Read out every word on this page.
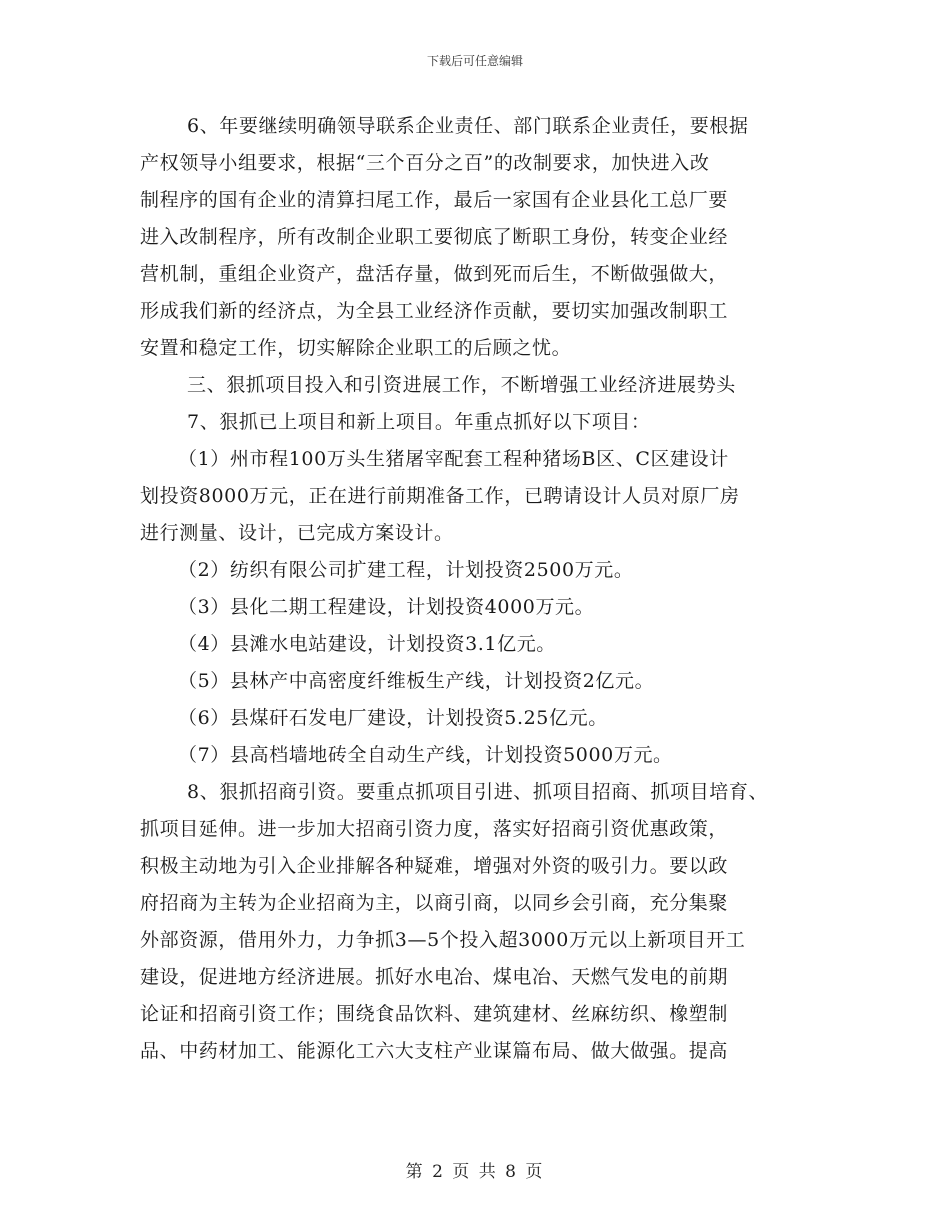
下载后可任意编辑
6、年要继续明确领导联系企业责任、部门联系企业责任，要根据
产权领导小组要求，根据“三个百分之百”的改制要求，加快进入改
制程序的国有企业的清算扫尾工作，最后一家国有企业县化工总厂要
进入改制程序，所有改制企业职工要彻底了断职工身份，转变企业经
营机制，重组企业资产，盘活存量，做到死而后生，不断做强做大，
形成我们新的经济点，为全县工业经济作贡献，要切实加强改制职工
安置和稳定工作，切实解除企业职工的后顾之忧。
三、狠抓项目投入和引资进展工作，不断增强工业经济进展势头
7、狠抓已上项目和新上项目。年重点抓好以下项目：
（1）州市程100万头生猪屠宰配套工程种猪场B区、C区建设计
划投资8000万元，正在进行前期准备工作，已聘请设计人员对原厂房
进行测量、设计，已完成方案设计。
（2）纺织有限公司扩建工程，计划投资2500万元。
（3）县化二期工程建设，计划投资4000万元。
（4）县滩水电站建设，计划投资3.1亿元。
（5）县林产中高密度纤维板生产线，计划投资2亿元。
（6）县煤矸石发电厂建设，计划投资5.25亿元。
（7）县高档墙地砖全自动生产线，计划投资5000万元。
8、狠抓招商引资。要重点抓项目引进、抓项目招商、抓项目培育、
抓项目延伸。进一步加大招商引资力度，落实好招商引资优惠政策，
积极主动地为引入企业排解各种疑难，增强对外资的吸引力。要以政
府招商为主转为企业招商为主，以商引商，以同乡会引商，充分集聚
外部资源，借用外力，力争抓3—5个投入超3000万元以上新项目开工
建设，促进地方经济进展。抓好水电冶、煤电冶、天燃气发电的前期
论证和招商引资工作；围绕食品饮料、建筑建材、丝麻纺织、橡塑制
品、中药材加工、能源化工六大支柱产业谋篇布局、做大做强。提高
第 2 页 共 8 页
